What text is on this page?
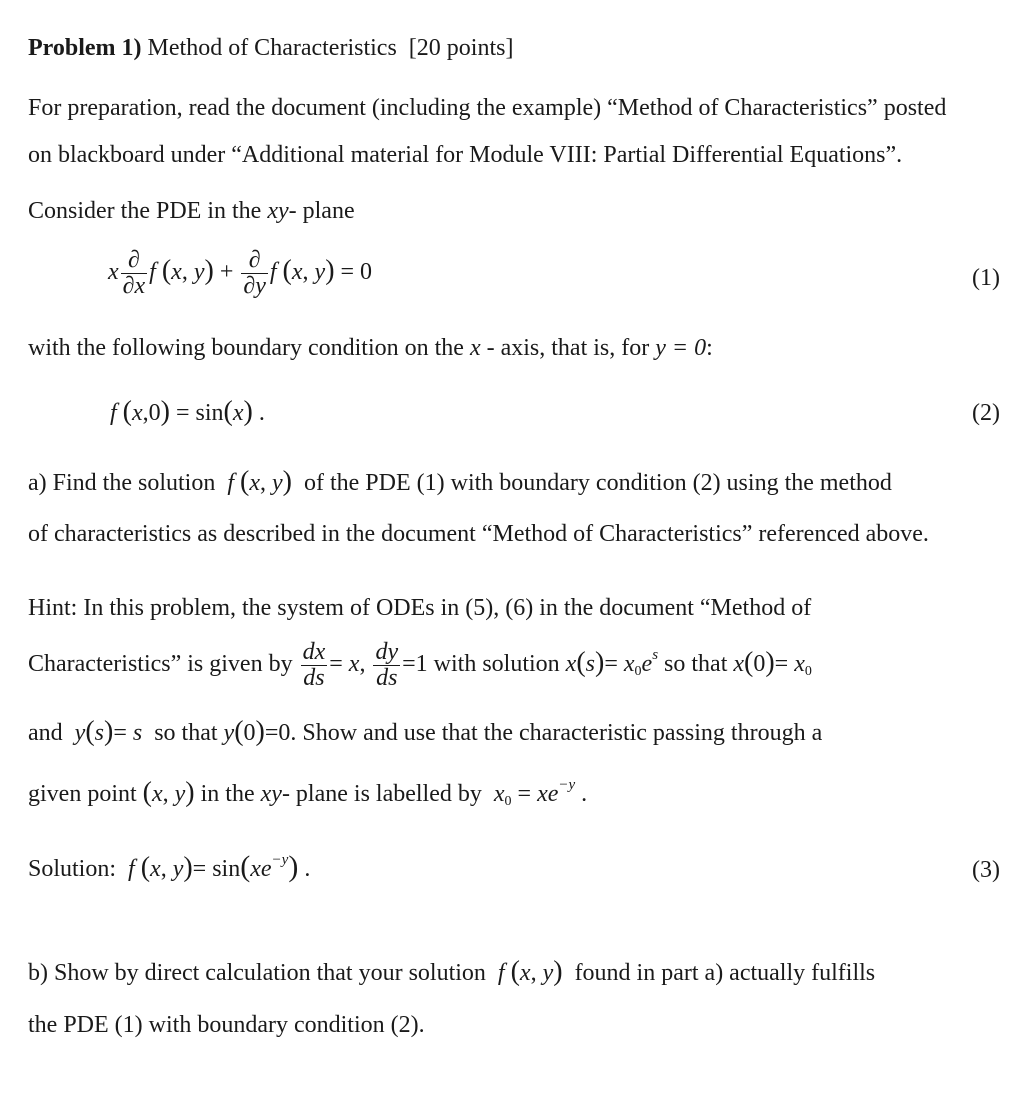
Problem 1) Method of Characteristics [20 points]
For preparation, read the document (including the example) “Method of Characteristics” posted
on blackboard under “Additional material for Module VIII: Partial Differential Equations”.
Consider the PDE in the xy- plane
x $\frac{\partial}{\partial x}$ f (x, $y) + \frac{\partial}{\partial y}$ f (x, y) = 0	(1)
with the following boundary condition on the x - axis, that is, for y = 0:
f (x,0) = sin(x) .	(2)
a) Find the solution f (x, y) of the PDE (1) with boundary condition (2) using the method
of characteristics as described in the document “Method of Characteristics” referenced above.
Hint: In this problem, the system of ODEs in (5), (6) in the document “Method of
Characteristics” is given by $\frac{dx}{ds} = x$, $\frac{dy}{ds} =1$ with solution $x(s)= x_0e^s$ so that $x(0)= x_0$
and y(s)= s so that y(0)=0. Show and use that the characteristic passing through a
given point (x, y) in the xy- plane is labelled by $x_0 = xe^{-y}$ .
Solution: f (x, $y)= \sin(xe^{-y})$ .	(3)
b) Show by direct calculation that your solution f (x, y) found in part a) actually fulfills
the PDE (1) with boundary condition (2).
